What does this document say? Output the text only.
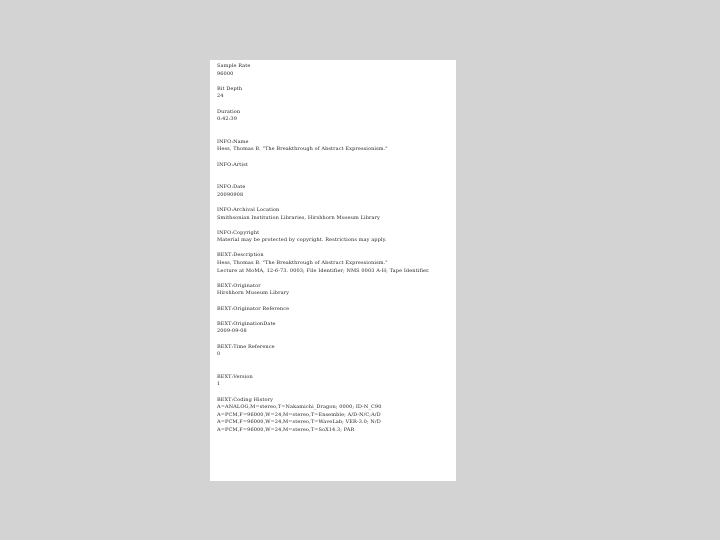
Sample Rate
96000
Bit Depth
24
Duration
0:42:39
INFO:Name
Hess, Thomas B. "The Breakthrough of Abstract Expressionism."
INFO:Artist
INFO:Date
20090908
INFO:Archival Location
Smithsonian Institution Libraries, Hirshhorn Museum Library
INFO:Copyright
Material may be protected by copyright. Restrictions may apply.
BEXT:Description
Hess, Thomas B. "The Breakthrough of Abstract Expressionism."
Lecture at MoMA, 12-6-73. 0003; File Identifier; NMS 0003 A-H; Tape Identifier.
BEXT:Originator
Hirshhorn Museum Library
BEXT:Originator Reference
BEXT:OriginationDate
2009-09-08
BEXT:Time Reference
0
BEXT:Version
1
BEXT:Coding History
A=ANALOG,M=stereo,T=Nakamichi_Dragon; 0000; ID-N_C90
A=PCM,F=96000,W=24,M=stereo,T=Ensemble; A/D-N/C;A/D
A=PCM,F=96000,W=24,M=stereo,T=WaveLab; VER-3.0; N/D
A=PCM,F=96000,W=24,M=stereo,T=SoX14.3; PAR
